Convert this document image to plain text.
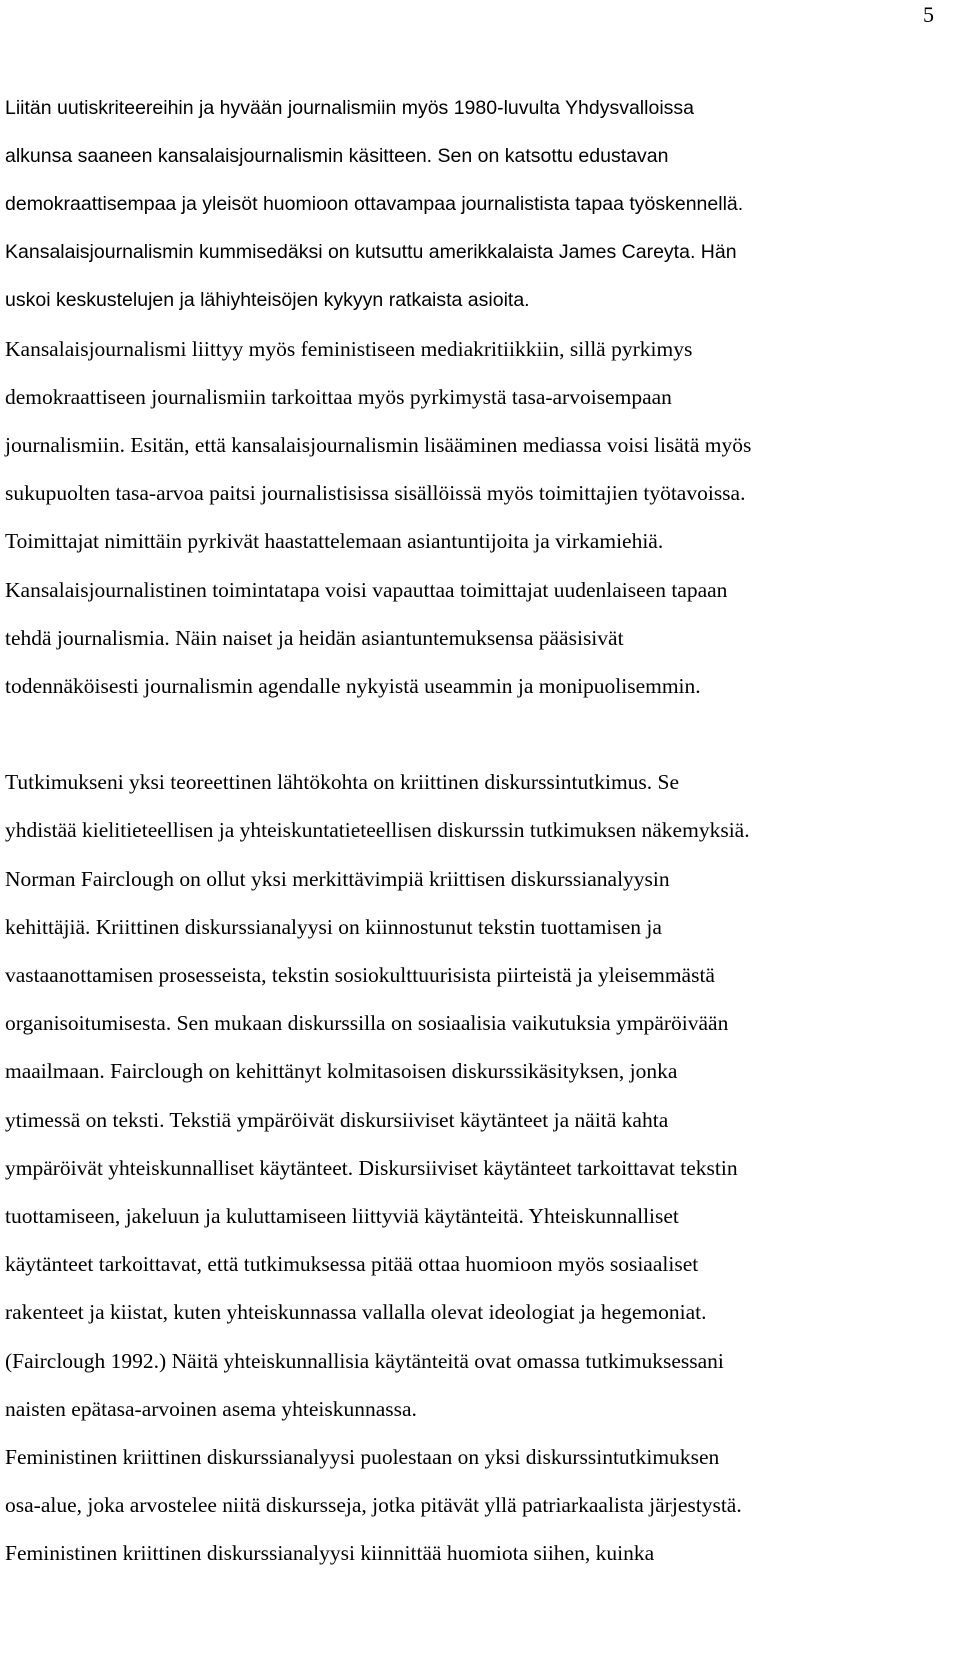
5
Liitän uutiskriteereihin ja hyvään journalismiin myös 1980-luvulta Yhdysvalloissa
alkunsa saaneen kansalaisjournalismin käsitteen. Sen on katsottu edustavan
demokraattisempaa ja yleisöt huomioon ottavampaa journalistista tapaa työskennellä.
Kansalaisjournalismin kummisedäksi on kutsuttu amerikkalaista James Careyta. Hän
uskoi keskustelujen ja lähiyhteisöjen kykyyn ratkaista asioita.
Kansalaisjournalismi liittyy myös feministiseen mediakritiikkiin, sillä pyrkimys
demokraattiseen journalismiin tarkoittaa myös pyrkimystä tasa-arvoisempaan
journalismiin. Esitän, että kansalaisjournalismin lisääminen mediassa voisi lisätä myös
sukupuolten tasa-arvoa paitsi journalistisissa sisällöissä myös toimittajien työtavoissa.
Toimittajat nimittäin pyrkivät haastattelemaan asiantuntijoita ja virkamiehiä.
Kansalaisjournalistinen toimintatapa voisi vapauttaa toimittajat uudenlaiseen tapaan
tehdä journalismia. Näin naiset ja heidän asiantuntemuksensa pääsisivät
todennäköisesti journalismin agendalle nykyistä useammin ja monipuolisemmin.
Tutkimukseni yksi teoreettinen lähtökohta on kriittinen diskurssintutkimus. Se
yhdistää kielitieteellisen ja yhteiskuntatieteellisen diskurssin tutkimuksen näkemyksiä.
Norman Fairclough on ollut yksi merkittävimpiä kriittisen diskurssianalyysin
kehittäjiä. Kriittinen diskurssianalyysi on kiinnostunut tekstin tuottamisen ja
vastaanottamisen prosesseista, tekstin sosiokulttuurisista piirteistä ja yleisemmästä
organisoitumisesta. Sen mukaan diskurssilla on sosiaalisia vaikutuksia ympäröivään
maailmaan. Fairclough on kehittänyt kolmitasoisen diskurssikäsityksen, jonka
ytimessä on teksti. Tekstiä ympäröivät diskursiiviset käytänteet ja näitä kahta
ympäröivät yhteiskunnalliset käytänteet. Diskursiiviset käytänteet tarkoittavat tekstin
tuottamiseen, jakeluun ja kuluttamiseen liittyviä käytänteitä. Yhteiskunnalliset
käytänteet tarkoittavat, että tutkimuksessa pitää ottaa huomioon myös sosiaaliset
rakenteet ja kiistat, kuten yhteiskunnassa vallalla olevat ideologiat ja hegemoniat.
(Fairclough 1992.) Näitä yhteiskunnallisia käytänteitä ovat omassa tutkimuksessani
naisten epätasa-arvoinen asema yhteiskunnassa.
Feministinen kriittinen diskurssianalyysi puolestaan on yksi diskurssintutkimuksen
osa-alue, joka arvostelee niitä diskursseja, jotka pitävät yllä patriarkaalista järjestystä.
Feministinen kriittinen diskurssianalyysi kiinnittää huomiota siihen, kuinka
